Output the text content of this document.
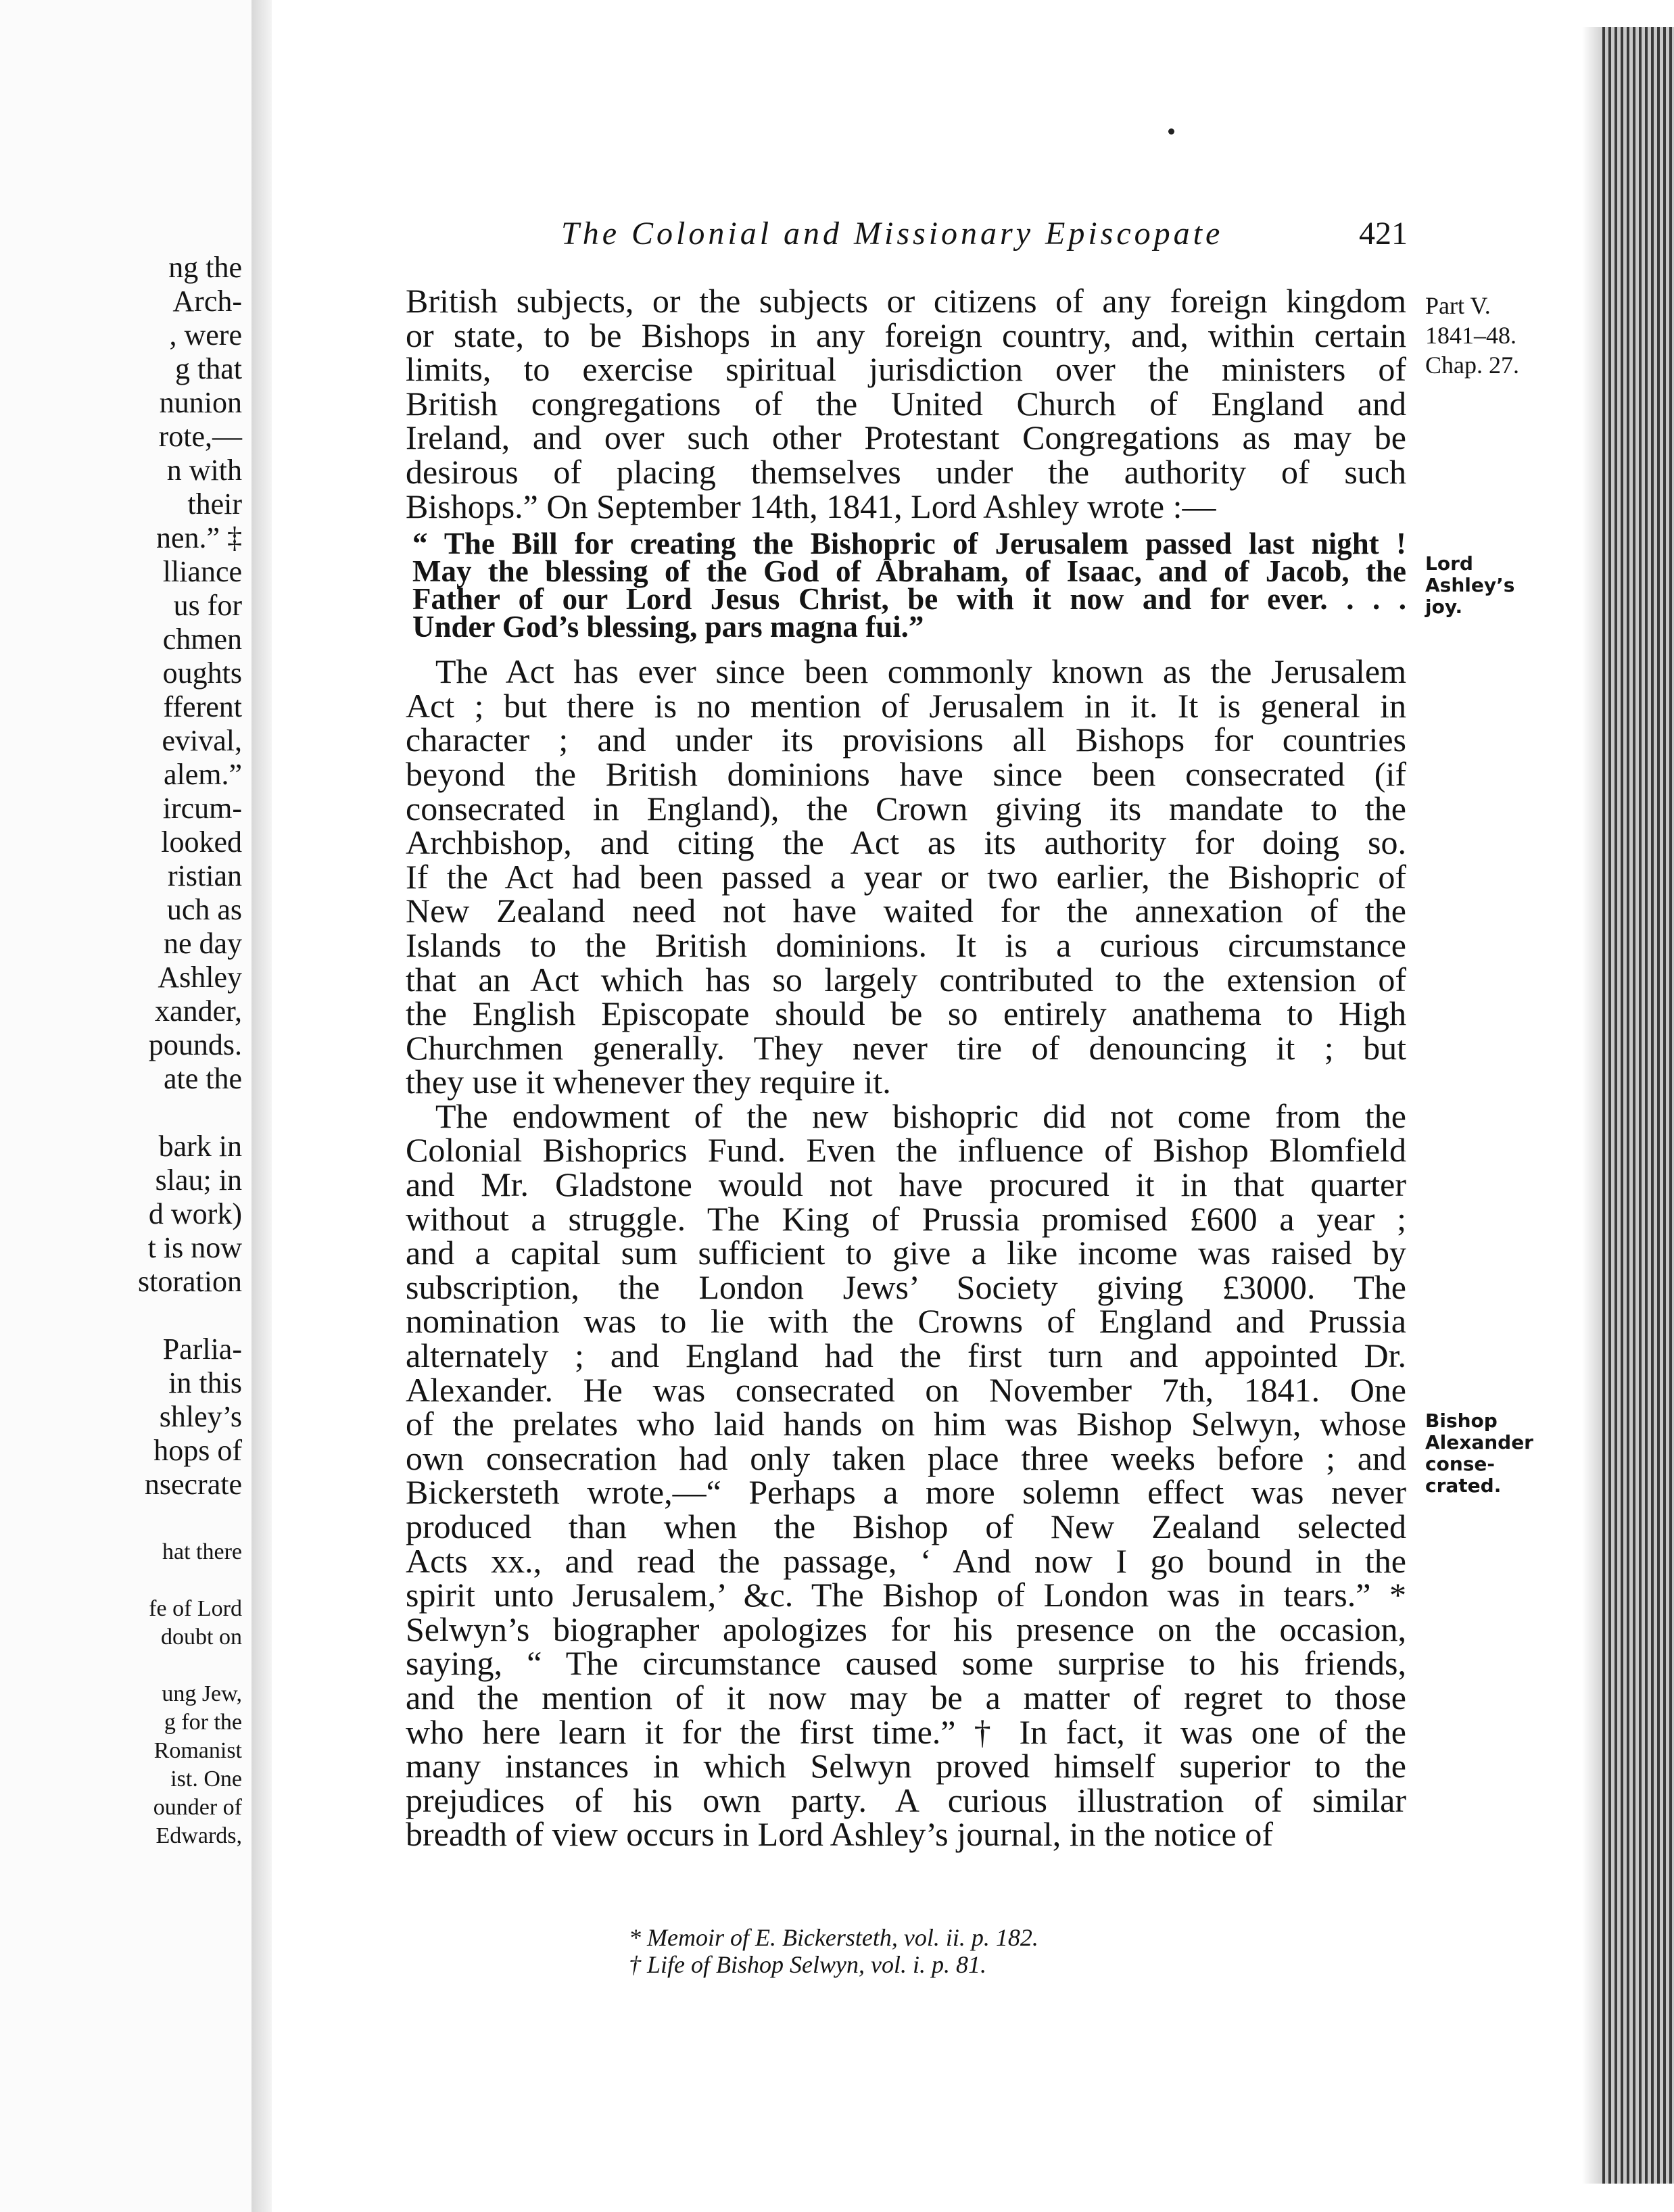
ng the
Arch-
, were
g that
nunion
rote,—
n with
their
nen.” ‡
lliance
us for
chmen
oughts
fferent
evival,
alem.”
ircum-
looked
ristian
uch as
ne day
Ashley
xander,
pounds.
ate the
bark in
slau; in
d work)
t is now
storation
Parlia-
in this
shley’s
hops of
nsecrate
hat there
fe of Lord
doubt on
ung Jew,
g for the
Romanist
ist. One
ounder of
Edwards,
The Colonial and Missionary Episcopate	421
British subjects, or the subjects or citizens of any foreign kingdom
or state, to be Bishops in any foreign country, and, within certain
limits, to exercise spiritual jurisdiction over the ministers of
British congregations of the United Church of England and
Ireland, and over such other Protestant Congregations as may be
desirous of placing themselves under the authority of such
Bishops.” On September 14th, 1841, Lord Ashley wrote :—
“ The Bill for creating the Bishopric of Jerusalem passed last night !
May the blessing of the God of Abraham, of Isaac, and of Jacob, the
Father of our Lord Jesus Christ, be with it now and for ever. . . .
Under God’s blessing, pars magna fui.”
The Act has ever since been commonly known as the Jerusalem
Act ; but there is no mention of Jerusalem in it. It is general in
character ; and under its provisions all Bishops for countries
beyond the British dominions have since been consecrated (if
consecrated in England), the Crown giving its mandate to the
Archbishop, and citing the Act as its authority for doing so.
If the Act had been passed a year or two earlier, the Bishopric of
New Zealand need not have waited for the annexation of the
Islands to the British dominions. It is a curious circumstance
that an Act which has so largely contributed to the extension of
the English Episcopate should be so entirely anathema to High
Churchmen generally. They never tire of denouncing it ; but
they use it whenever they require it.
The endowment of the new bishopric did not come from the
Colonial Bishoprics Fund. Even the influence of Bishop Blomfield
and Mr. Gladstone would not have procured it in that quarter
without a struggle. The King of Prussia promised £600 a year ;
and a capital sum sufficient to give a like income was raised by
subscription, the London Jews’ Society giving £3000. The
nomination was to lie with the Crowns of England and Prussia
alternately ; and England had the first turn and appointed Dr.
Alexander. He was consecrated on November 7th, 1841. One
of the prelates who laid hands on him was Bishop Selwyn, whose
own consecration had only taken place three weeks before ; and
Bickersteth wrote,—“ Perhaps a more solemn effect was never
produced than when the Bishop of New Zealand selected
Acts xx., and read the passage, ‘ And now I go bound in the
spirit unto Jerusalem,’ &c. The Bishop of London was in tears.” *
Selwyn’s biographer apologizes for his presence on the occasion,
saying, “ The circumstance caused some surprise to his friends,
and the mention of it now may be a matter of regret to those
who here learn it for the first time.” † In fact, it was one of the
many instances in which Selwyn proved himself superior to the
prejudices of his own party. A curious illustration of similar
breadth of view occurs in Lord Ashley’s journal, in the notice of
Part V.
1841–48.
Chap. 27.
Lord
Ashley’s
joy.
Bishop
Alexander
conse-
crated.
* Memoir of E. Bickersteth, vol. ii. p. 182.
† Life of Bishop Selwyn, vol. i. p. 81.
